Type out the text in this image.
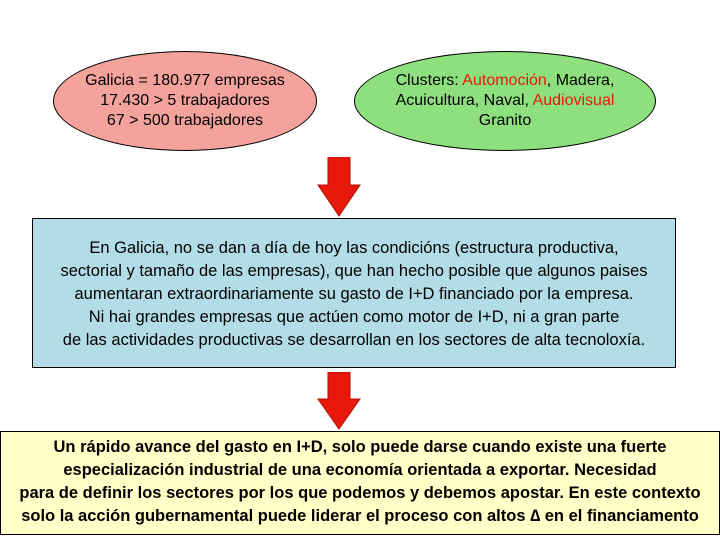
Galicia = 180.977 empresas
17.430 > 5 trabajadores
67 > 500 trabajadores
Clusters: Automoción, Madera,
Acuicultura, Naval, Audiovisual
Granito
En Galicia, no se dan a día de hoy las condicións (estructura productiva,
sectorial y tamaño de las empresas), que han hecho posible que algunos paises
aumentaran extraordinariamente su gasto de I+D financiado por la empresa.
Ni hai grandes empresas que actúen como motor de I+D, ni a gran parte
de las actividades productivas se desarrollan en los sectores de alta tecnoloxía.
Un rápido avance del gasto en I+D, solo puede darse cuando existe una fuerte
especialización industrial de una economía orientada a exportar. Necesidad
para de definir los sectores por los que podemos y debemos apostar. En este contexto
solo la acción gubernamental puede liderar el proceso con altos ∆ en el financiamento
